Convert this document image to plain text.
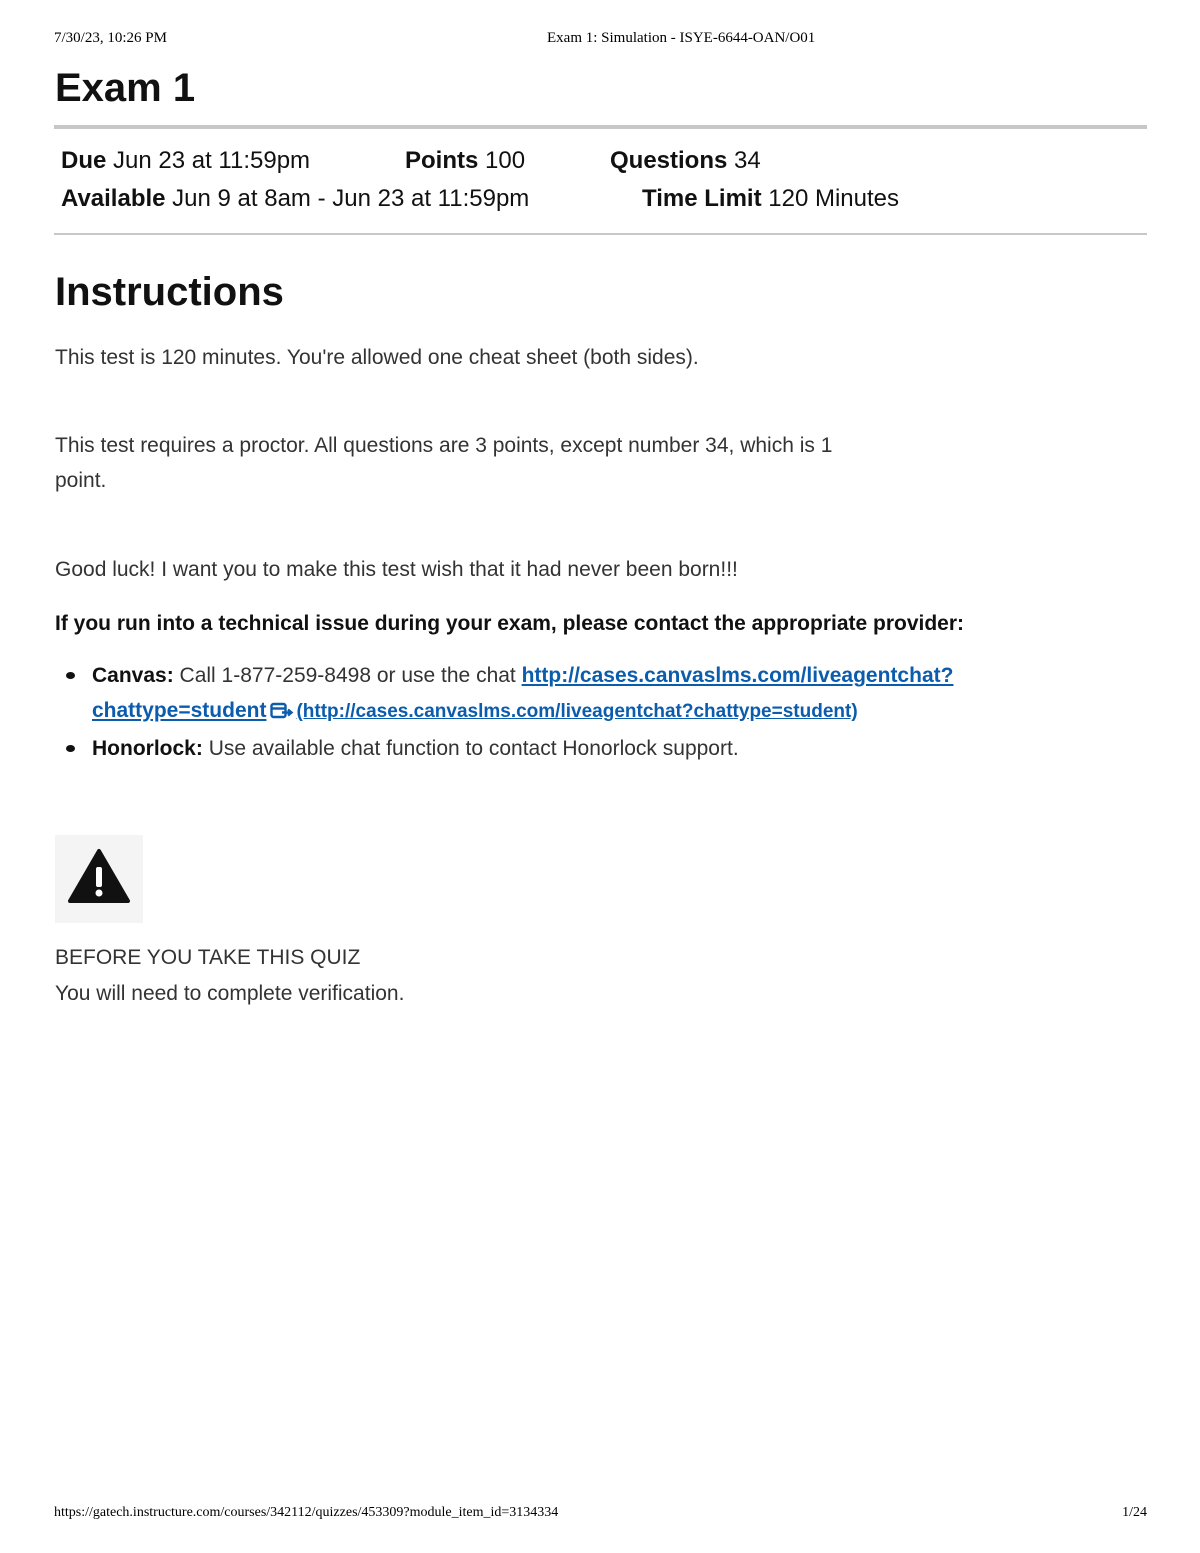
7/30/23, 10:26 PM	Exam 1: Simulation - ISYE-6644-OAN/O01
Exam 1
Due Jun 23 at 11:59pm	Points 100	Questions 34
Available Jun 9 at 8am - Jun 23 at 11:59pm	Time Limit 120 Minutes
Instructions

This test is 120 minutes. You're allowed one cheat sheet (both sides).

This test requires a proctor. All questions are 3 points, except number 34, which is 1
point.

Good luck! I want you to make this test wish that it had never been born!!!

If you run into a technical issue during your exam, please contact the appropriate provider:

Canvas: Call 1-877-259-8498 or use the chat http://cases.canvaslms.com/liveagentchat?
chattype=student (http://cases.canvaslms.com/liveagentchat?chattype=student)
Honorlock: Use available chat function to contact Honorlock support.
BEFORE YOU TAKE THIS QUIZ
You will need to complete verification.
https://gatech.instructure.com/courses/342112/quizzes/453309?module_item_id=3134334	1/24
